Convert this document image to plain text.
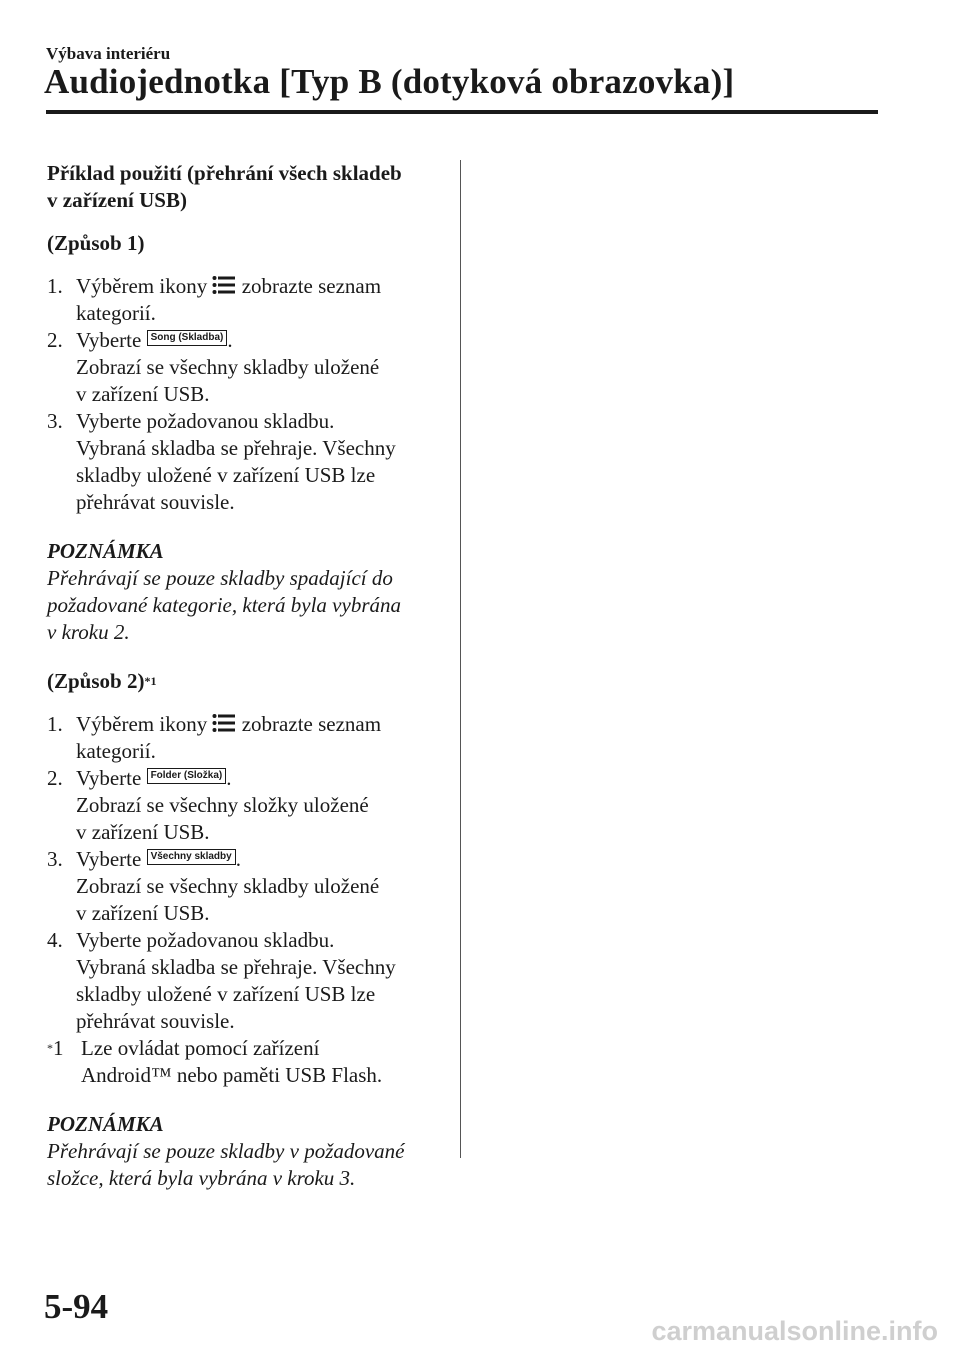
Výbava interiéru
Audiojednotka [Typ B (dotyková obrazovka)]
Příklad použití (přehrání všech skladeb
v zařízení USB)
(Způsob 1)
1. Výběrem ikony zobrazte seznam
kategorií.
2. Vyberte Song (Skladba) .
Zobrazí se všechny skladby uložené
v zařízení USB.
3. Vyberte požadovanou skladbu.
Vybraná skladba se přehraje. Všechny
skladby uložené v zařízení USB lze
přehrávat souvisle.
POZNÁMKA
Přehrávají se pouze skladby spadající do
požadované kategorie, která byla vybrána
v kroku 2.
(Způsob 2)$^{*1}$
1. Výběrem ikony zobrazte seznam
kategorií.
2. Vyberte Folder (Složka) .
Zobrazí se všechny složky uložené
v zařízení USB.
3. Vyberte Všechny skladby .
Zobrazí se všechny skladby uložené
v zařízení USB.
4. Vyberte požadovanou skladbu.
Vybraná skladba se přehraje. Všechny
skladby uložené v zařízení USB lze
přehrávat souvisle.
*1 Lze ovládat pomocí zařízení
Android™ nebo paměti USB Flash.
POZNÁMKA
Přehrávají se pouze skladby v požadované
složce, která byla vybrána v kroku 3.
5-94
carmanualsonline.info
